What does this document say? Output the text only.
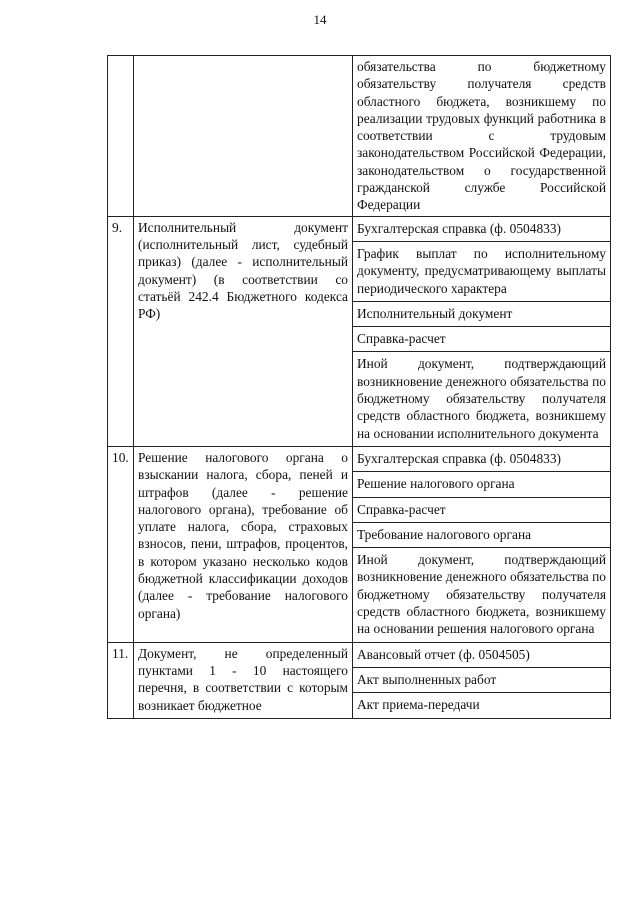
14
		обязательства по бюджетному обязательству получателя средств областного бюджета, возникшему по реализации трудовых функций работника в соответствии с трудовым законодательством Российской Федерации, законодательством о государственной гражданской службе Российской Федерации
9.	Исполнительный документ (исполнительный лист, судебный приказ) (далее - исполнительный документ) (в соответствии со статьёй 242.4 Бюджетного кодекса РФ)	Бухгалтерская справка (ф. 0504833)
		График выплат по исполнительному документу, предусматривающему выплаты периодического характера
		Исполнительный документ
		Справка-расчет
		Иной документ, подтверждающий возникновение денежного обязательства по бюджетному обязательству получателя средств областного бюджета, возникшему на основании исполнительного документа
10.	Решение налогового органа о взыскании налога, сбора, пеней и штрафов (далее - решение налогового органа), требование об уплате налога, сбора, страховых взносов, пени, штрафов, процентов, в котором указано несколько кодов бюджетной классификации доходов (далее - требование налогового органа)	Бухгалтерская справка (ф. 0504833)
		Решение налогового органа
		Справка-расчет
		Требование налогового органа
		Иной документ, подтверждающий возникновение денежного обязательства по бюджетному обязательству получателя средств областного бюджета, возникшему на основании решения налогового органа
11.	Документ, не определенный пунктами 1 - 10 настоящего перечня, в соответствии с которым возникает бюджетное	Авансовый отчет (ф. 0504505)
		Акт выполненных работ
		Акт приема-передачи
